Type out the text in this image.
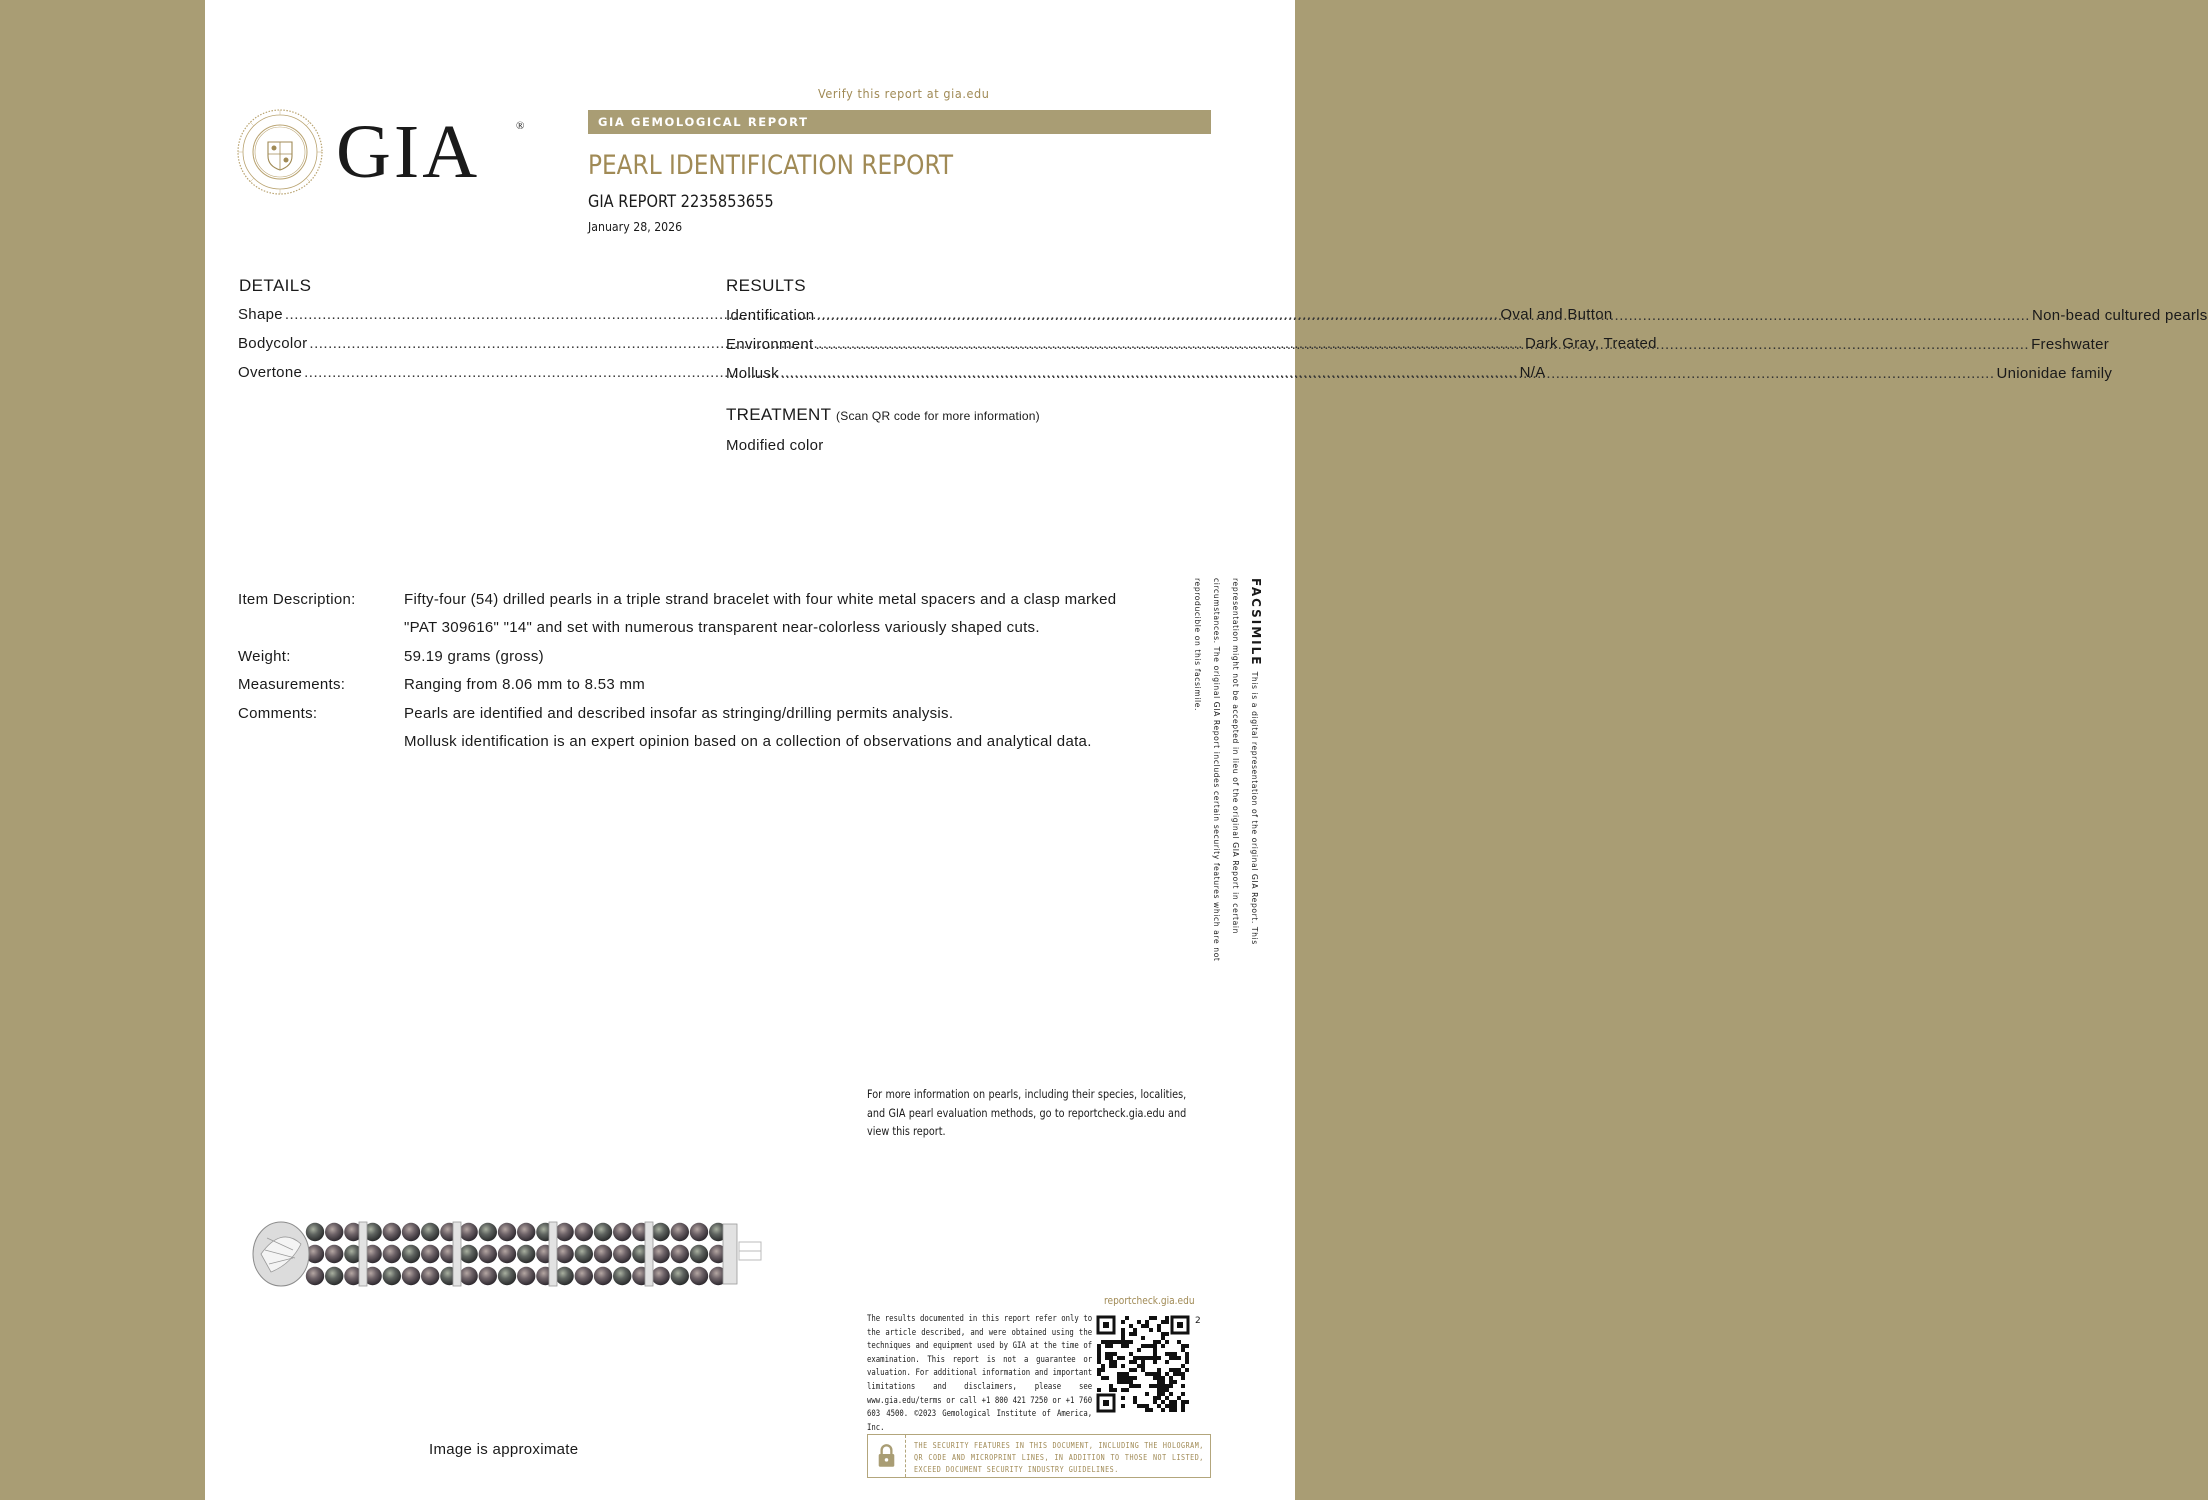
Verify this report at gia.edu
GIA	®	GIA GEMOLOGICAL REPORT
PEARL IDENTIFICATION REPORT
GIA REPORT 2235853655
January 28, 2026
DETAILS
Shape .....	Oval and Button
Bodycolor .....	Dark Gray, Treated
Overtone .....	N/A
RESULTS
Identification .....	Non-bead cultured pearls
Environment .....	Freshwater
Mollusk .....	Unionidae family
TREATMENT (Scan QR code for more information)
Modified color
Item Description:	Fifty-four (54) drilled pearls in a triple strand bracelet with four white metal spacers and a clasp marked
"PAT 309616" "14" and set with numerous transparent near-colorless variously shaped cuts.
Weight:	59.19 grams (gross)
Measurements:	Ranging from 8.06 mm to 8.53 mm
Comments:	Pearls are identified and described insofar as stringing/drilling permits analysis.
Mollusk identification is an expert opinion based on a collection of observations and analytical data.
FACSIMILE This is a digital representation of the original GIA Report. This representation might not be accepted in lieu of the original GIA Report in certain circumstances. The original GIA Report includes certain security features which are not reproducible on this facsimile.
For more information on pearls, including their species, localities, and GIA pearl evaluation methods, go to reportcheck.gia.edu and view this report.
Image is approximate
reportcheck.gia.edu
The results documented in this report refer only to the article described, and were obtained using the techniques and equipment used by GIA at the time of examination. This report is not a guarantee or valuation. For additional information and important limitations and disclaimers, please see www.gia.edu/terms or call +1 800 421 7250 or +1 760 603 4500. ©2023 Gemological Institute of America, Inc.
2
THE SECURITY FEATURES IN THIS DOCUMENT, INCLUDING THE HOLOGRAM, QR CODE AND MICROPRINT LINES, IN ADDITION TO THOSE NOT LISTED, EXCEED DOCUMENT SECURITY INDUSTRY GUIDELINES.
